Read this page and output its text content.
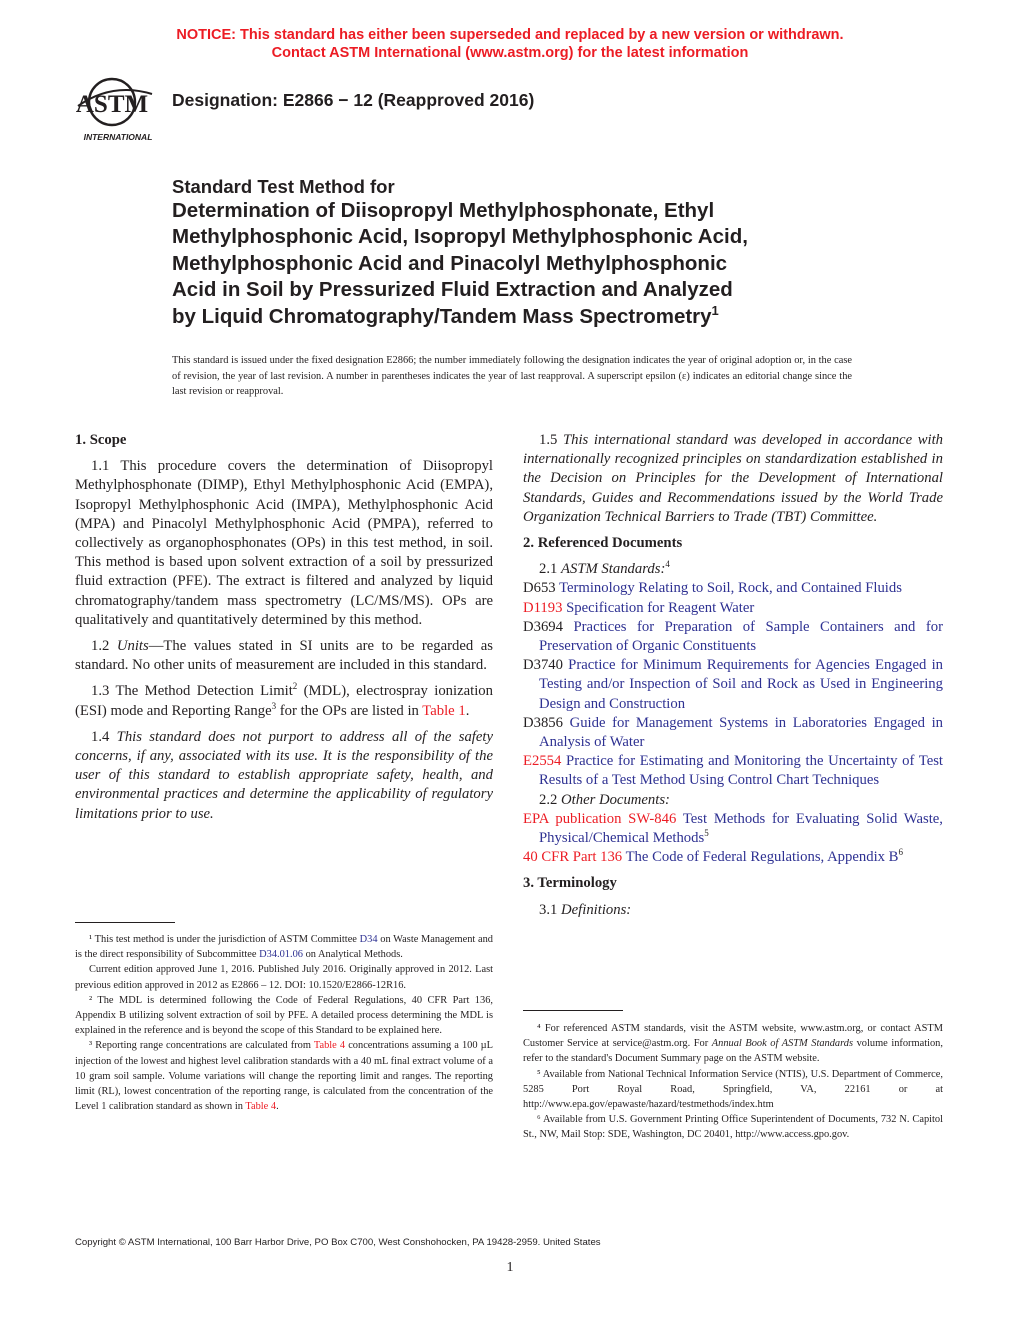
NOTICE: This standard has either been superseded and replaced by a new version or withdrawn.
Contact ASTM International (www.astm.org) for the latest information
ASTM
INTERNATIONAL
Designation: E2866 − 12 (Reapproved 2016)
Standard Test Method for
Determination of Diisopropyl Methylphosphonate, Ethyl
Methylphosphonic Acid, Isopropyl Methylphosphonic Acid,
Methylphosphonic Acid and Pinacolyl Methylphosphonic
Acid in Soil by Pressurized Fluid Extraction and Analyzed
by Liquid Chromatography/Tandem Mass Spectrometry$^1$
This standard is issued under the fixed designation E2866; the number immediately following the designation indicates the year of original adoption or, in the case of revision, the year of last revision. A number in parentheses indicates the year of last reapproval. A superscript epsilon (ε) indicates an editorial change since the last revision or reapproval.

1. Scope

1.1 This procedure covers the determination of Diisopropyl Methylphosphonate (DIMP), Ethyl Methylphosphonic Acid (EMPA), Isopropyl Methylphosphonic Acid (IMPA), Methylphosphonic Acid (MPA) and Pinacolyl Methylphosphonic Acid (PMPA), referred to collectively as organophosphonates (OPs) in this test method, in soil. This method is based upon solvent extraction of a soil by pressurized fluid extraction (PFE). The extract is filtered and analyzed by liquid chromatography/tandem mass spectrometry (LC/MS/MS). OPs are qualitatively and quantitatively determined by this method.

1.2 Units—The values stated in SI units are to be regarded as standard. No other units of measurement are included in this standard.

1.3 The Method Detection Limit$^2$ (MDL), electrospray ionization (ESI) mode and Reporting Range$^3$ for the OPs are listed in Table 1.

1.4 This standard does not purport to address all of the safety concerns, if any, associated with its use. It is the responsibility of the user of this standard to establish appropriate safety, health, and environmental practices and determine the applicability of regulatory limitations prior to use.

1.5 This international standard was developed in accordance with internationally recognized principles on standardization established in the Decision on Principles for the Development of International Standards, Guides and Recommendations issued by the World Trade Organization Technical Barriers to Trade (TBT) Committee.

2. Referenced Documents

2.1 ASTM Standards:$^4$

D653 Terminology Relating to Soil, Rock, and Contained Fluids

D1193 Specification for Reagent Water

D3694 Practices for Preparation of Sample Containers and for Preservation of Organic Constituents

D3740 Practice for Minimum Requirements for Agencies Engaged in Testing and/or Inspection of Soil and Rock as Used in Engineering Design and Construction

D3856 Guide for Management Systems in Laboratories Engaged in Analysis of Water

E2554 Practice for Estimating and Monitoring the Uncertainty of Test Results of a Test Method Using Control Chart Techniques

2.2 Other Documents:

EPA publication SW-846 Test Methods for Evaluating Solid Waste, Physical/Chemical Methods$^5$

40 CFR Part 136 The Code of Federal Regulations, Appendix $B^6$

3. Terminology

3.1 Definitions:

¹ This test method is under the jurisdiction of ASTM Committee D34 on Waste Management and is the direct responsibility of Subcommittee D34.01.06 on Analytical Methods.

Current edition approved June 1, 2016. Published July 2016. Originally approved in 2012. Last previous edition approved in 2012 as E2866 – 12. DOI: 10.1520/E2866-12R16.

² The MDL is determined following the Code of Federal Regulations, 40 CFR Part 136, Appendix B utilizing solvent extraction of soil by PFE. A detailed process determining the MDL is explained in the reference and is beyond the scope of this Standard to be explained here.

³ Reporting range concentrations are calculated from Table 4 concentrations assuming a 100 µL injection of the lowest and highest level calibration standards with a 40 mL final extract volume of a 10 gram soil sample. Volume variations will change the reporting limit and ranges. The reporting limit (RL), lowest concentration of the reporting range, is calculated from the concentration of the Level 1 calibration standard as shown in Table 4.

⁴ For referenced ASTM standards, visit the ASTM website, www.astm.org, or contact ASTM Customer Service at service@astm.org. For Annual Book of ASTM Standards volume information, refer to the standard's Document Summary page on the ASTM website.

⁵ Available from National Technical Information Service (NTIS), U.S. Department of Commerce, 5285 Port Royal Road, Springfield, VA, 22161 or at http://www.epa.gov/epawaste/hazard/testmethods/index.htm

⁶ Available from U.S. Government Printing Office Superintendent of Documents, 732 N. Capitol St., NW, Mail Stop: SDE, Washington, DC 20401, http://www.access.gpo.gov.

Copyright © ASTM International, 100 Barr Harbor Drive, PO Box C700, West Conshohocken, PA 19428-2959. United States
1
